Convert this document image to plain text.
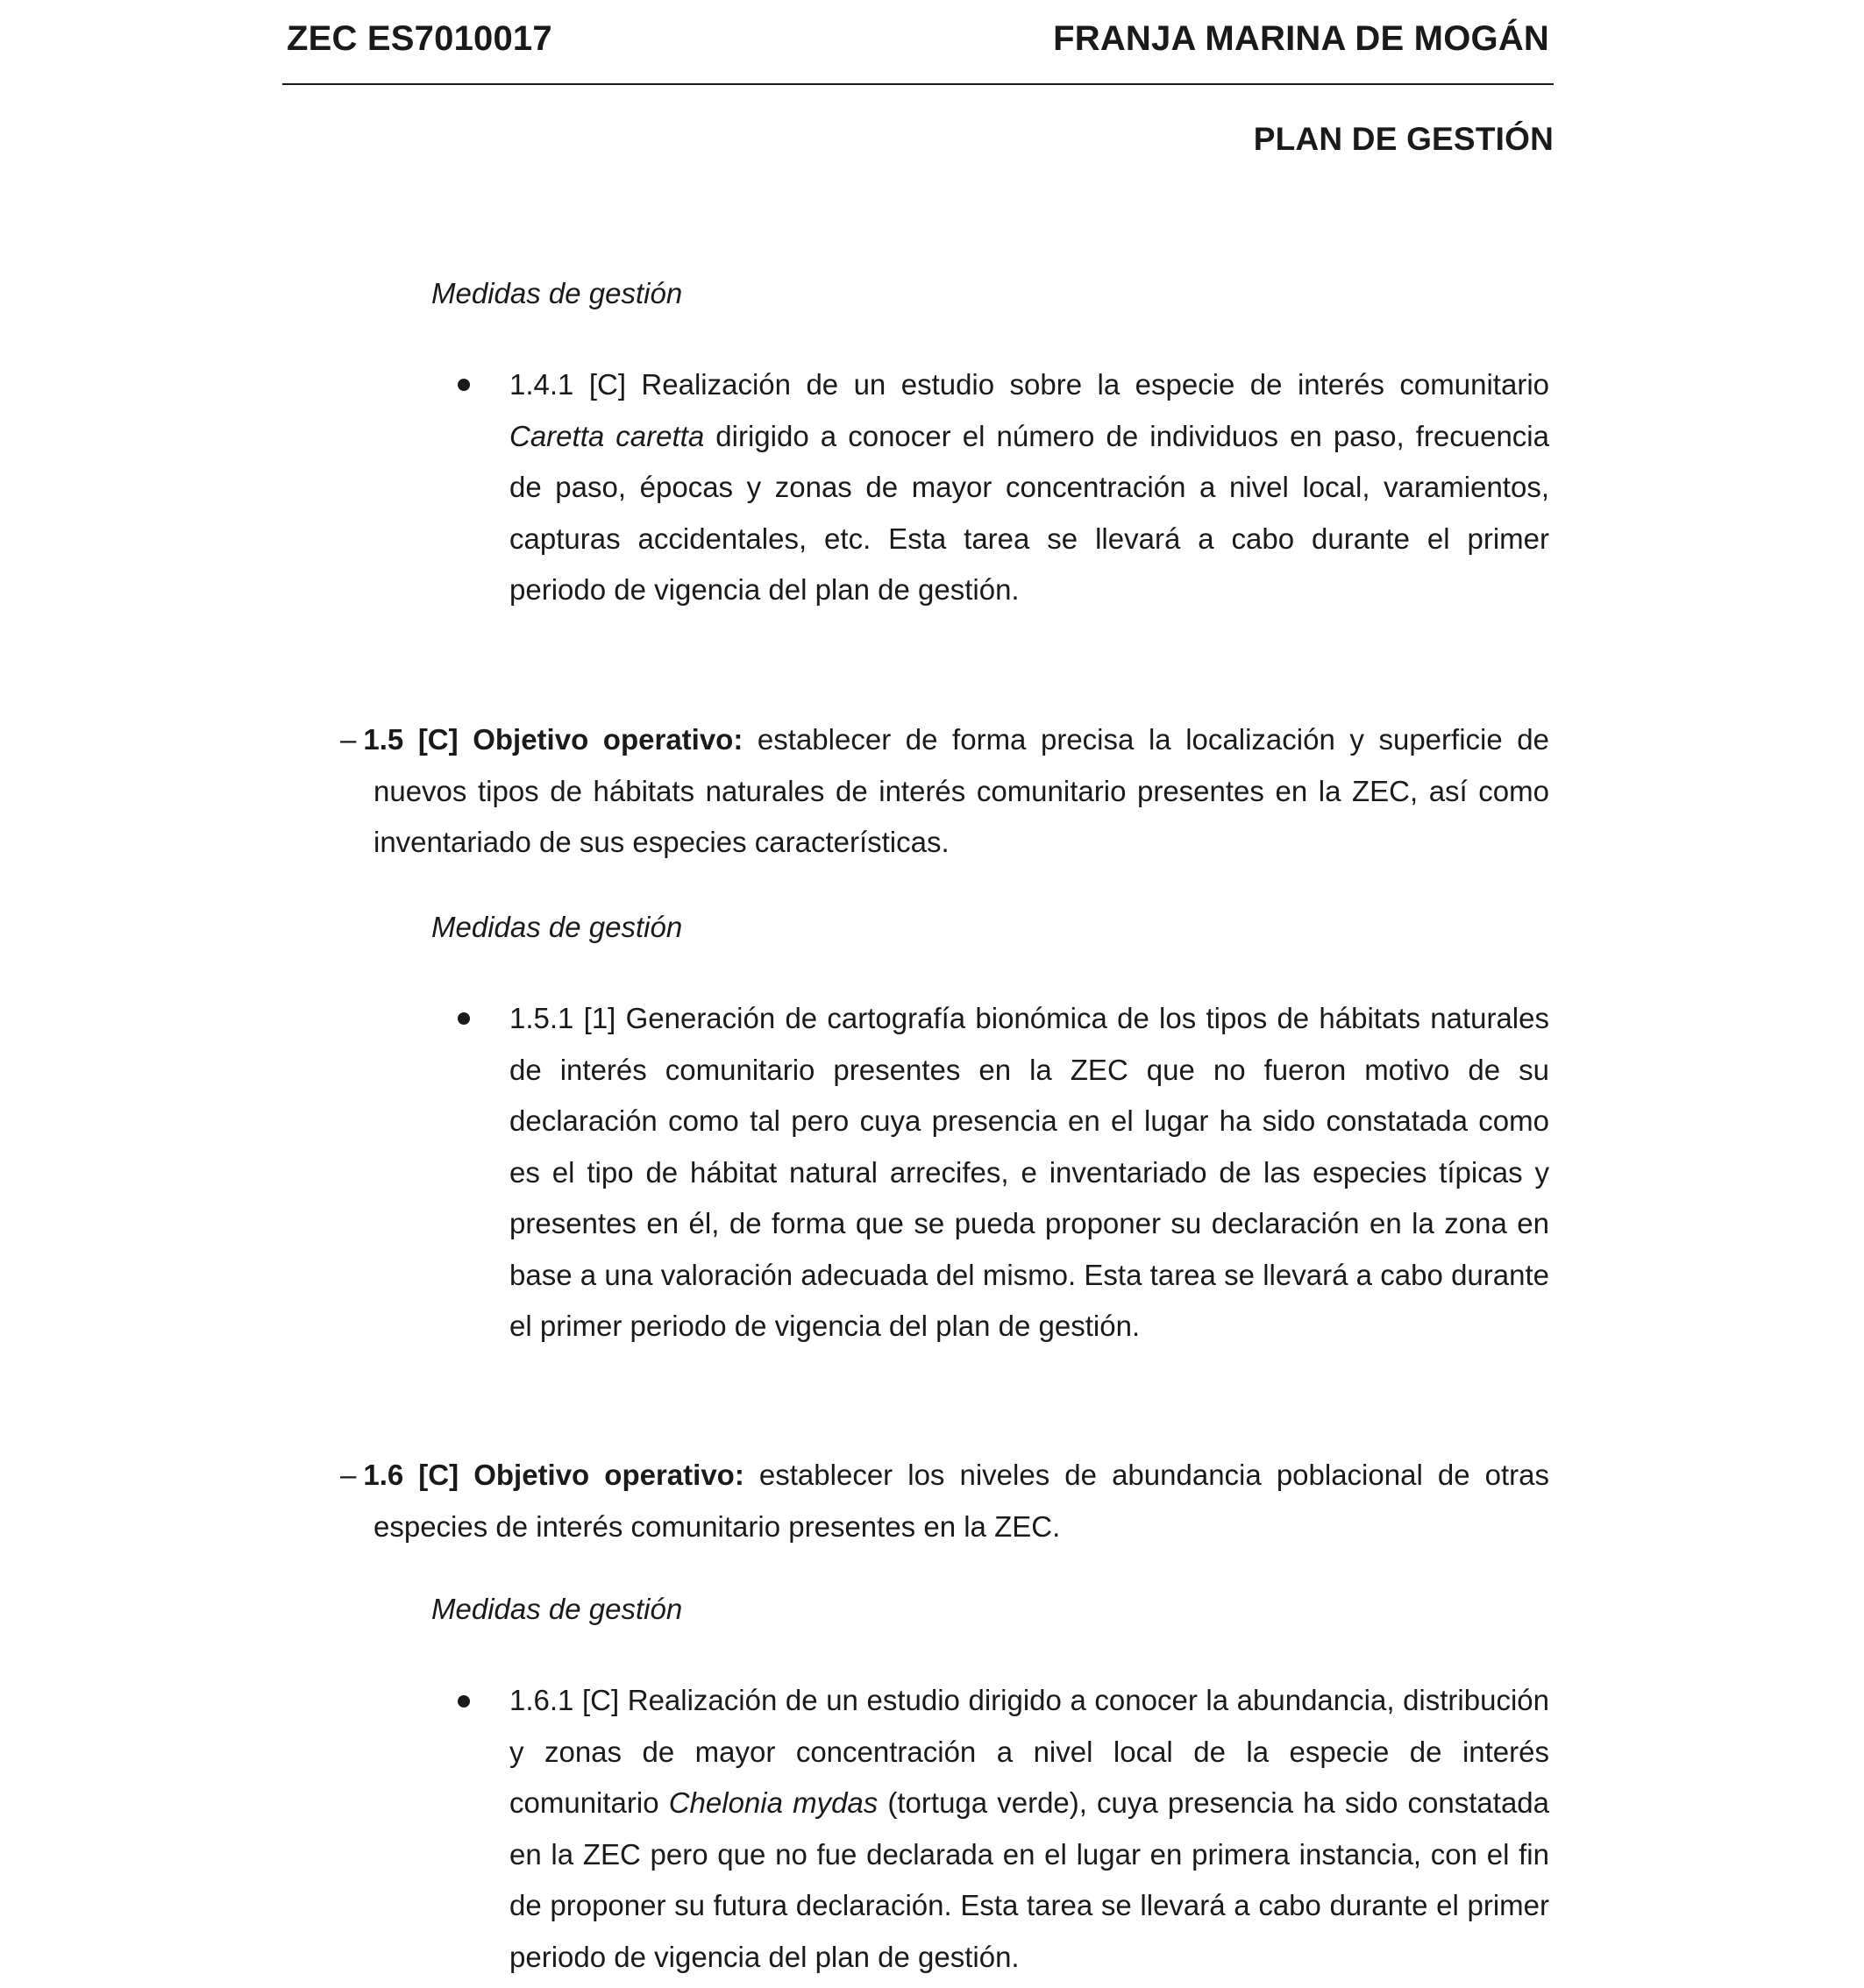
ZEC ES7010017	FRANJA MARINA DE MOGÁN
PLAN DE GESTIÓN
Medidas de gestión
1.4.1 [C] Realización de un estudio sobre la especie de interés comunitario Caretta caretta dirigido a conocer el número de individuos en paso, frecuencia de paso, épocas y zonas de mayor concentración a nivel local, varamientos, capturas accidentales, etc. Esta tarea se llevará a cabo durante el primer periodo de vigencia del plan de gestión.
– 1.5 [C] Objetivo operativo: establecer de forma precisa la localización y superficie de nuevos tipos de hábitats naturales de interés comunitario presentes en la ZEC, así como inventariado de sus especies características.
Medidas de gestión
1.5.1 [1] Generación de cartografía bionómica de los tipos de hábitats naturales de interés comunitario presentes en la ZEC que no fueron motivo de su declaración como tal pero cuya presencia en el lugar ha sido constatada como es el tipo de hábitat natural arrecifes, e inventariado de las especies típicas y presentes en él, de forma que se pueda proponer su declaración en la zona en base a una valoración adecuada del mismo. Esta tarea se llevará a cabo durante el primer periodo de vigencia del plan de gestión.
– 1.6 [C] Objetivo operativo: establecer los niveles de abundancia poblacional de otras especies de interés comunitario presentes en la ZEC.
Medidas de gestión
1.6.1 [C] Realización de un estudio dirigido a conocer la abundancia, distribución y zonas de mayor concentración a nivel local de la especie de interés comunitario Chelonia mydas (tortuga verde), cuya presencia ha sido constatada en la ZEC pero que no fue declarada en el lugar en primera instancia, con el fin de proponer su futura declaración. Esta tarea se llevará a cabo durante el primer periodo de vigencia del plan de gestión.
